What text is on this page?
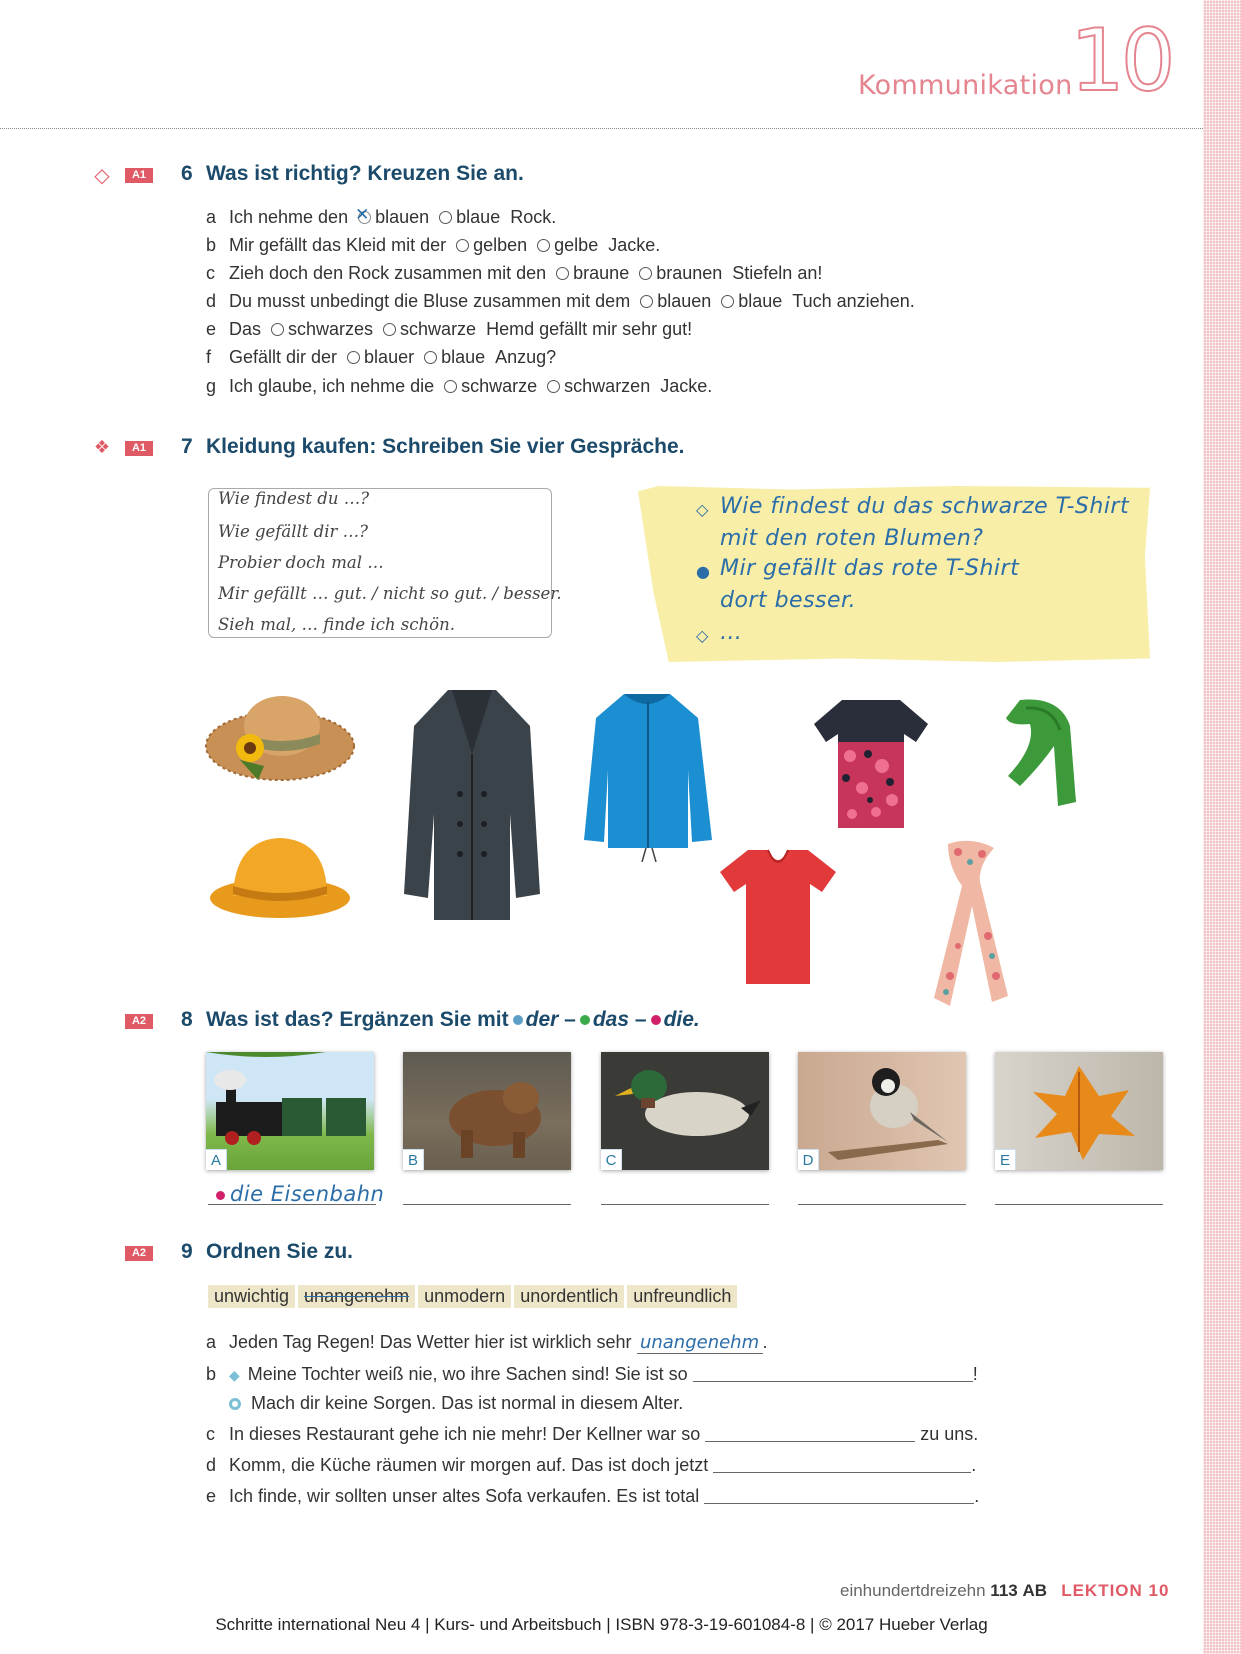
Kommunikation
10
◇	A1	6 Was ist richtig? Kreuzen Sie an.
a Ich nehme den✕ blauen blaue Rock.
b Mir gefällt das Kleid mit der gelben gelbe Jacke.
c Zieh doch den Rock zusammen mit den braune braunen Stiefeln an!
d Du musst unbedingt die Bluse zusammen mit dem blauen blaue Tuch anziehen.
e Das schwarzes schwarze Hemd gefällt mir sehr gut!
f Gefällt dir der blauer blaue Anzug?
g Ich glaube, ich nehme die schwarze schwarzen Jacke.
❖	A1	7 Kleidung kaufen: Schreiben Sie vier Gespräche.
Wie findest du …?
Wie gefällt dir …?
Probier doch mal …
Mir gefällt … gut. / nicht so gut. / besser.
Sieh mal, … finde ich schön.
◇ Wie findest du das schwarze T-Shirt
mit den roten Blumen?
● Mir gefällt das rote T-Shirt
dort besser.
◇ …
A2	8 Was ist das? Ergänzen Sie mit der – das – die.
A	B	C	D	E
die Eisenbahn
A2	9 Ordnen Sie zu.
unwichtig unangenehm unmodern unordentlich unfreundlich
a Jeden Tag Regen! Das Wetter hier ist wirklich sehr unangenehm .
b ◆ Meine Tochter weiß nie, wo ihre Sachen sind! Sie ist so	!
Mach dir keine Sorgen. Das ist normal in diesem Alter.
c In dieses Restaurant gehe ich nie mehr! Der Kellner war so	zu uns.
d Komm, die Küche räumen wir morgen auf. Das ist doch jetzt	.
e Ich finde, wir sollten unser altes Sofa verkaufen. Es ist total	.
einhundertdreizehn 113 AB LEKTION 10
Schritte international Neu 4 | Kurs- und Arbeitsbuch | ISBN 978-3-19-601084-8 | © 2017 Hueber Verlag
